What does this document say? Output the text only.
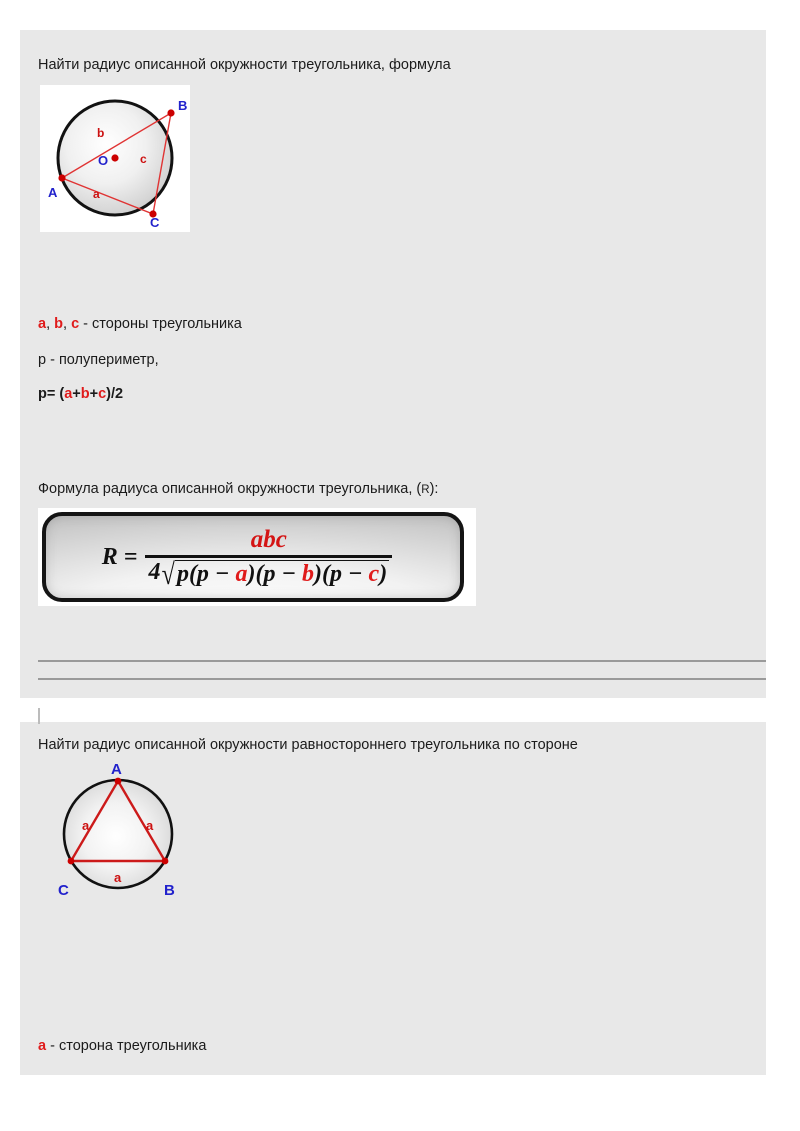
Найти радиус описанной окружности треугольника, формула
B
A
C
O
b
c
a
a, b, c - стороны треугольника
p - полупериметр,
p= (a+b+c)/2
Формула радиуса описанной окружности треугольника, (R):
R =
abc
4 √ p(p − a)(p − b)(p − c)
Найти радиус описанной окружности равностороннего треугольника по стороне
A
C	B
a	a
a
a - сторона треугольника
